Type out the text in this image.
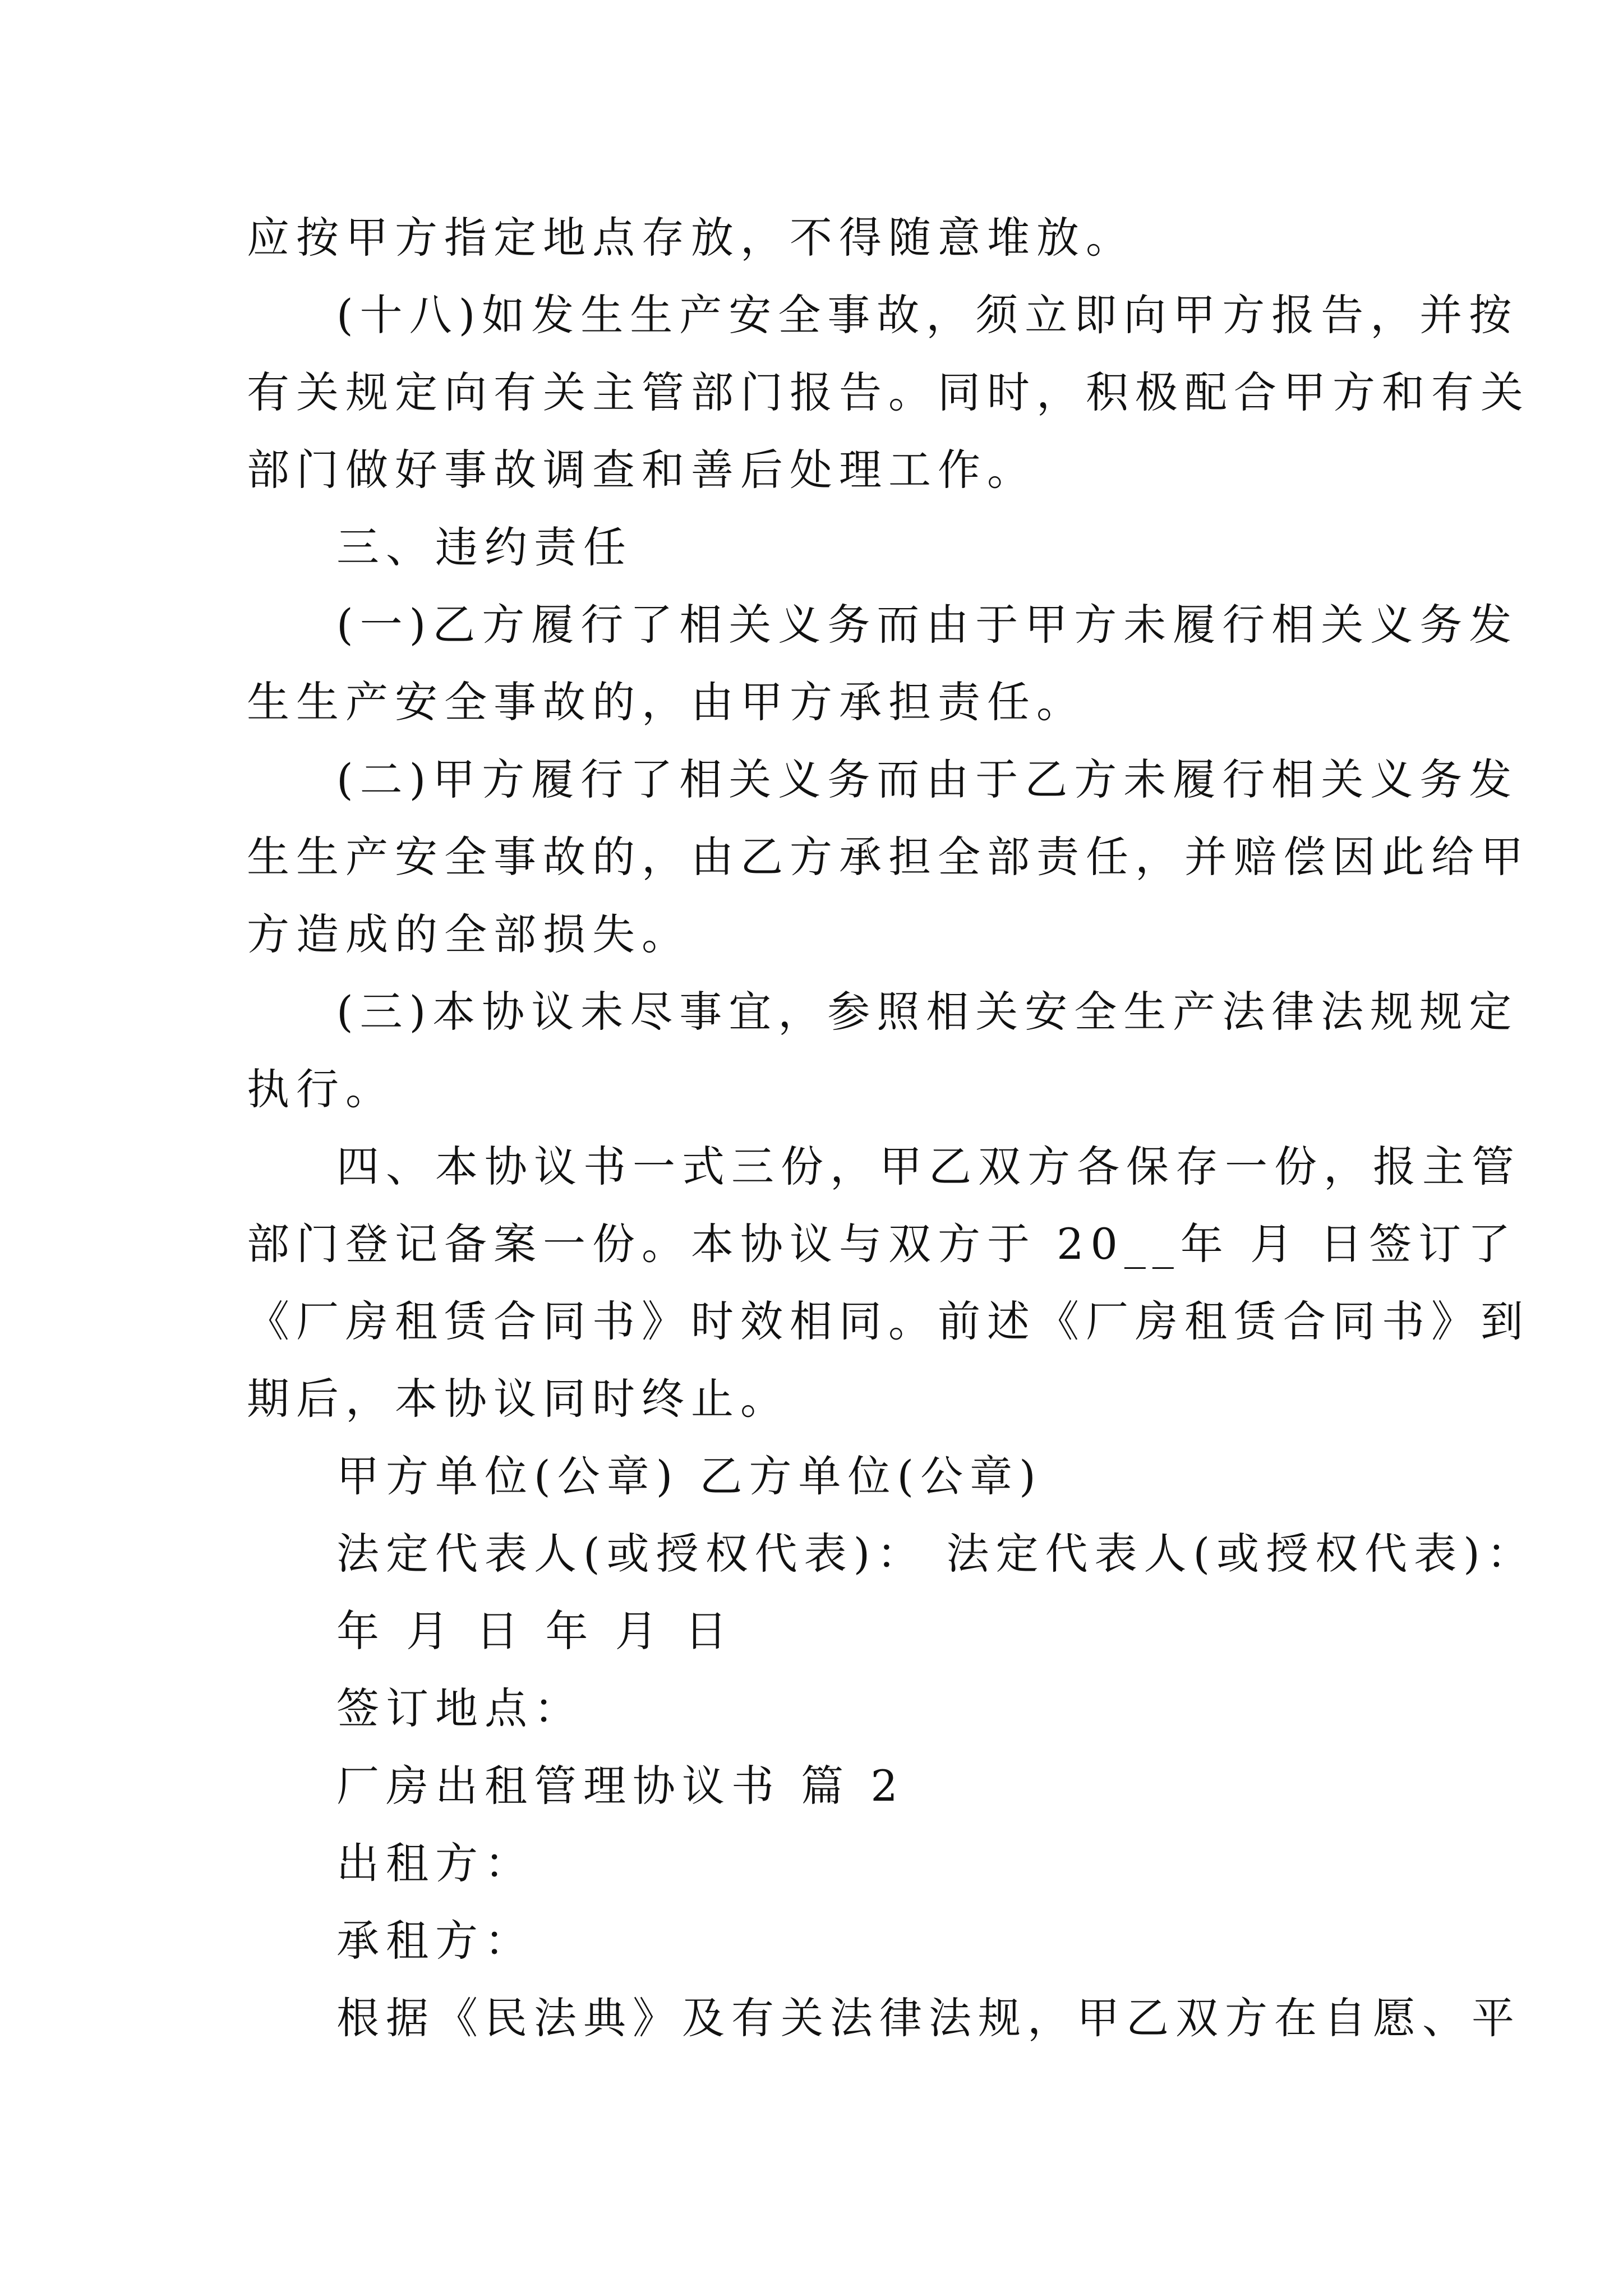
应按甲方指定地点存放，不得随意堆放。
(十八)如发生生产安全事故，须立即向甲方报告，并按
有关规定向有关主管部门报告。同时，积极配合甲方和有关
部门做好事故调查和善后处理工作。
三、违约责任
(一)乙方履行了相关义务而由于甲方未履行相关义务发
生生产安全事故的，由甲方承担责任。
(二)甲方履行了相关义务而由于乙方未履行相关义务发
生生产安全事故的，由乙方承担全部责任，并赔偿因此给甲
方造成的全部损失。
(三)本协议未尽事宜，参照相关安全生产法律法规规定
执行。
四、本协议书一式三份，甲乙双方各保存一份，报主管
部门登记备案一份。本协议与双方于 20__年 月 日签订了
《厂房租赁合同书》时效相同。前述《厂房租赁合同书》到
期后，本协议同时终止。
甲方单位(公章) 乙方单位(公章)
法定代表人(或授权代表)： 法定代表人(或授权代表)：
年 月 日 年 月 日
签订地点：
厂房出租管理协议书 篇 2
出租方：
承租方：
根据《民法典》及有关法律法规，甲乙双方在自愿、平
